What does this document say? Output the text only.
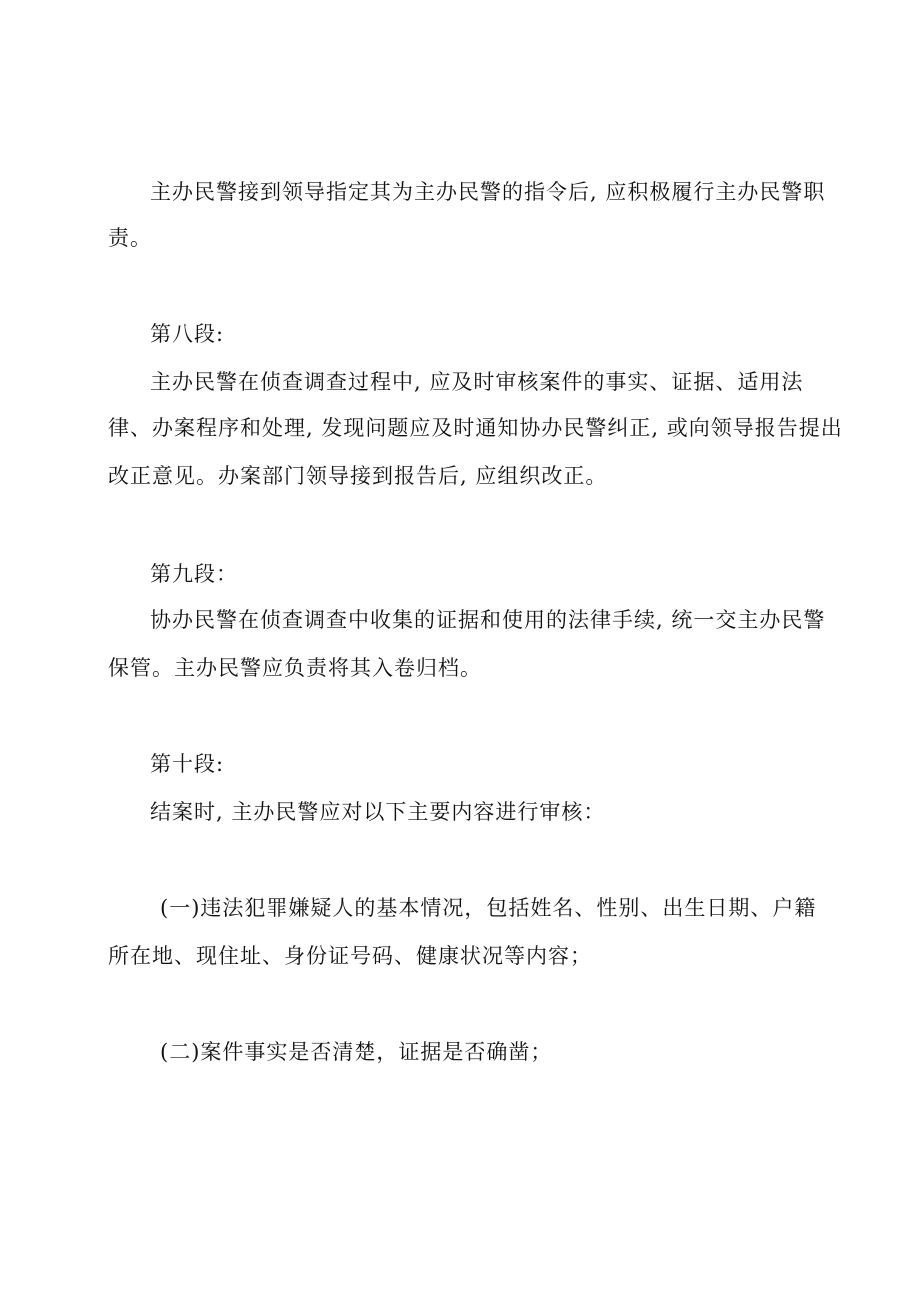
主办民警接到领导指定其为主办民警的指令后, 应积极履行主办民警职
责。
第八段:
主办民警在侦查调查过程中, 应及时审核案件的事实、证据、适用法
律、办案程序和处理, 发现问题应及时通知协办民警纠正, 或向领导报告提出
改正意见。办案部门领导接到报告后, 应组织改正。
第九段：
协办民警在侦查调查中收集的证据和使用的法律手续, 统一交主办民警
保管。主办民警应负责将其入卷归档。
第十段:
结案时, 主办民警应对以下主要内容进行审核：
(一)违法犯罪嫌疑人的基本情况，包括姓名、性别、出生日期、户籍
所在地、现住址、身份证号码、健康状况等内容；
(二)案件事实是否清楚，证据是否确凿；
